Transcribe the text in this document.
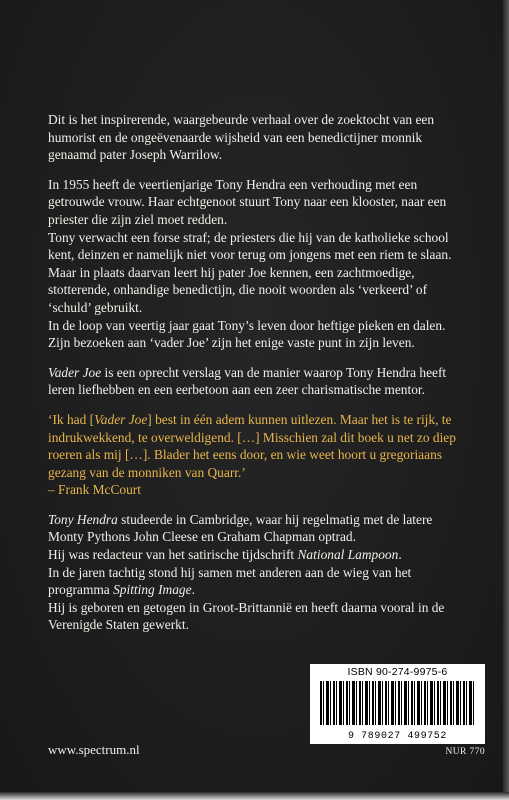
Dit is het inspirerende, waargebeurde verhaal over de zoektocht van een humorist en de ongeëvenaarde wijsheid van een benedictijner monnik genaamd pater Joseph Warrilow.

In 1955 heeft de veertienjarige Tony Hendra een verhouding met een getrouwde vrouw. Haar echtgenoot stuurt Tony naar een klooster, naar een priester die zijn ziel moet redden.

Tony verwacht een forse straf; de priesters die hij van de katholieke school kent, deinzen er namelijk niet voor terug om jongens met een riem te slaan. Maar in plaats daarvan leert hij pater Joe kennen, een zachtmoedige, stotterende, onhandige benedictijn, die nooit woorden als ‘verkeerd’ of ‘schuld’ gebruikt.

In de loop van veertig jaar gaat Tony’s leven door heftige pieken en dalen. Zijn bezoeken aan ‘vader Joe’ zijn het enige vaste punt in zijn leven.

Vader Joe is een oprecht verslag van de manier waarop Tony Hendra heeft leren liefhebben en een eerbetoon aan een zeer charismatische mentor.

‘Ik had [Vader Joe] best in één adem kunnen uitlezen. Maar het is te rijk, te indrukwekkend, te overweldigend. […] Misschien zal dit boek u net zo diep roeren als mij […]. Blader het eens door, en wie weet hoort u gregoriaans gezang van de monniken van Quarr.’
– Frank McCourt

Tony Hendra studeerde in Cambridge, waar hij regelmatig met de latere Monty Pythons John Cleese en Graham Chapman optrad.

Hij was redacteur van het satirische tijdschrift National Lampoon.

In de jaren tachtig stond hij samen met anderen aan de wieg van het programma Spitting Image.

Hij is geboren en getogen in Groot-Brittannië en heeft daarna vooral in de Verenigde Staten gewerkt.

ISBN 90-274-9975-6
9 789027 499752
www.spectrum.nl	NUR 770
